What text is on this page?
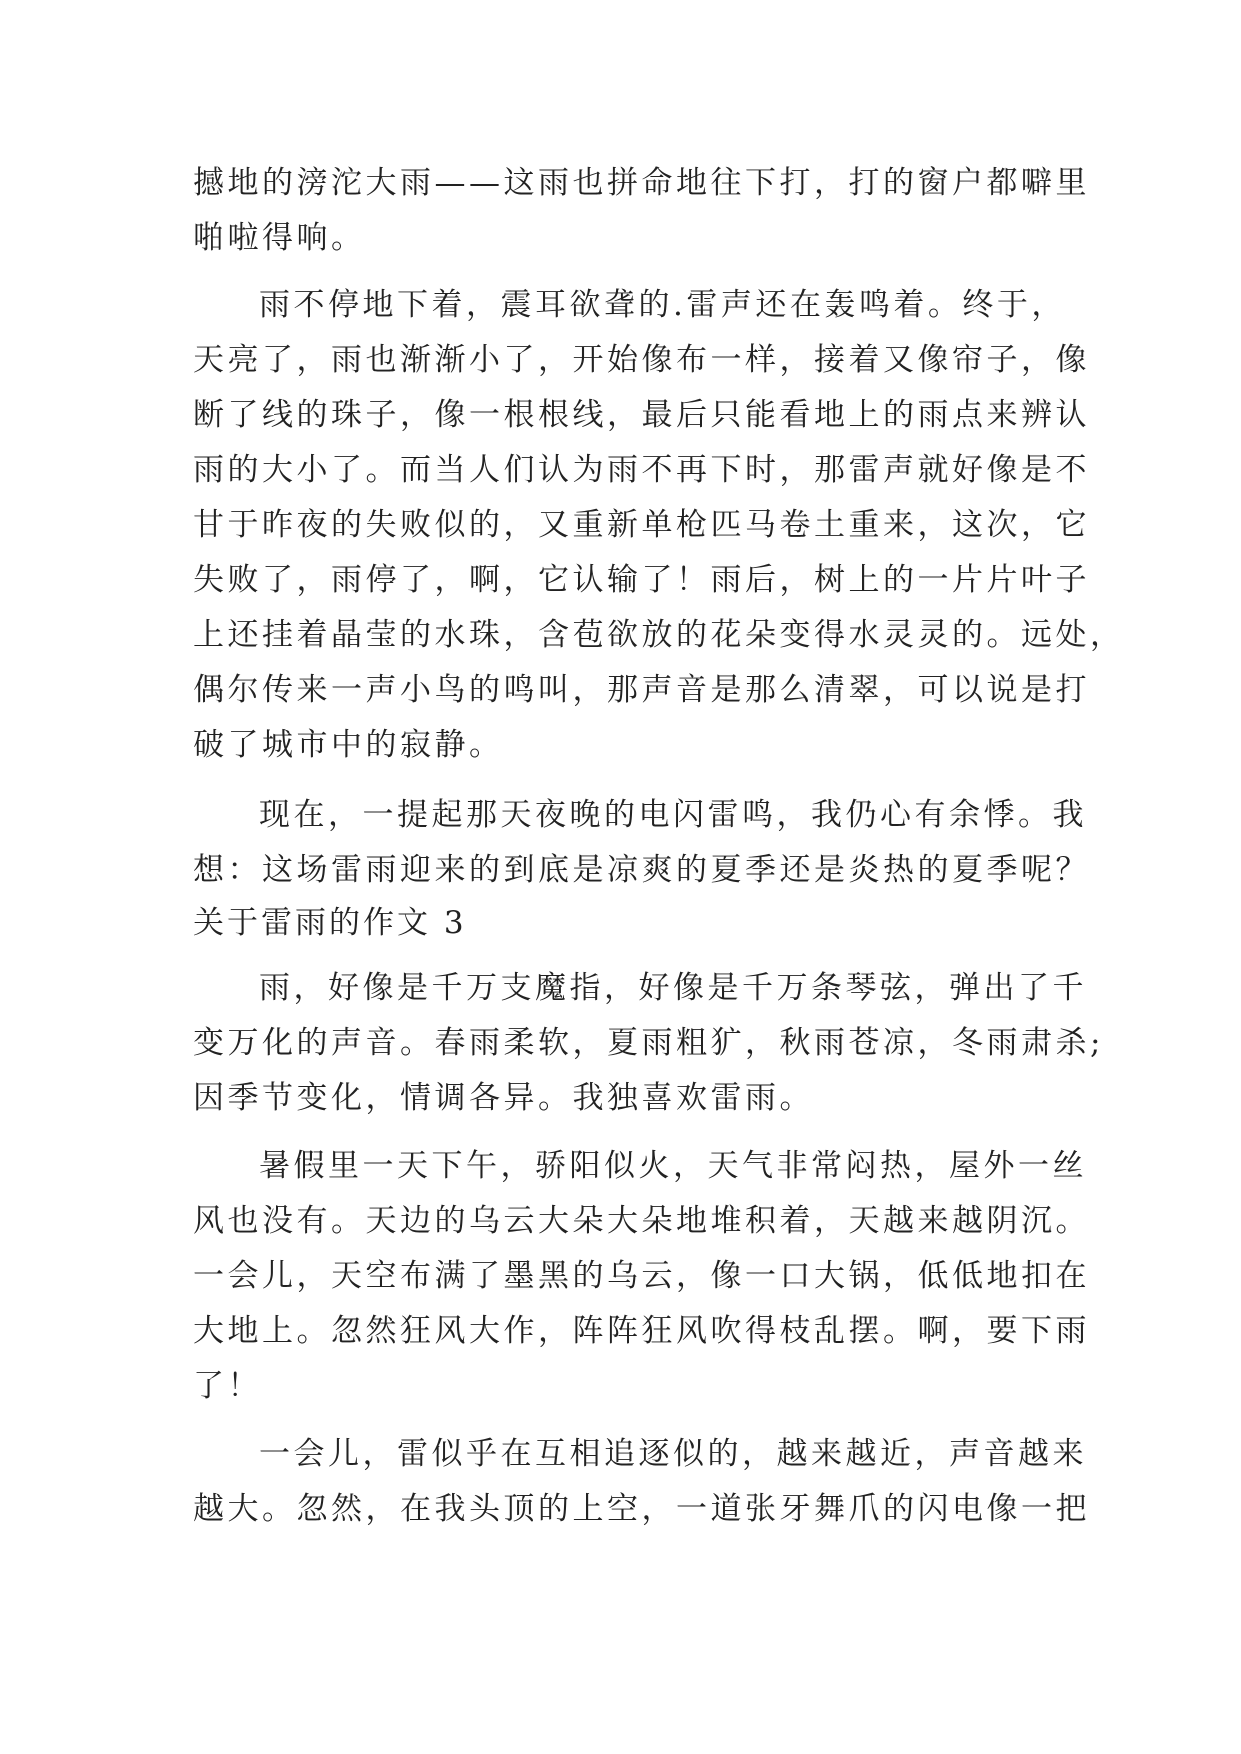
撼地的滂沱大雨——这雨也拼命地往下打，打的窗户都噼里
啪啦得响。
雨不停地下着，震耳欲聋的.雷声还在轰鸣着。终于，
天亮了，雨也渐渐小了，开始像布一样，接着又像帘子，像
断了线的珠子，像一根根线，最后只能看地上的雨点来辨认
雨的大小了。而当人们认为雨不再下时，那雷声就好像是不
甘于昨夜的失败似的，又重新单枪匹马卷土重来，这次，它
失败了，雨停了，啊，它认输了！雨后，树上的一片片叶子
上还挂着晶莹的水珠，含苞欲放的花朵变得水灵灵的。远处，
偶尔传来一声小鸟的鸣叫，那声音是那么清翠，可以说是打
破了城市中的寂静。
现在，一提起那天夜晚的电闪雷鸣，我仍心有余悸。我
想：这场雷雨迎来的到底是凉爽的夏季还是炎热的夏季呢？
关于雷雨的作文 3
雨，好像是千万支魔指，好像是千万条琴弦，弹出了千
变万化的声音。春雨柔软，夏雨粗犷，秋雨苍凉，冬雨肃杀;
因季节变化，情调各异。我独喜欢雷雨。
暑假里一天下午，骄阳似火，天气非常闷热，屋外一丝
风也没有。天边的乌云大朵大朵地堆积着，天越来越阴沉。
一会儿，天空布满了墨黑的乌云，像一口大锅，低低地扣在
大地上。忽然狂风大作，阵阵狂风吹得枝乱摆。啊，要下雨
了！
一会儿，雷似乎在互相追逐似的，越来越近，声音越来
越大。忽然，在我头顶的上空，一道张牙舞爪的闪电像一把
